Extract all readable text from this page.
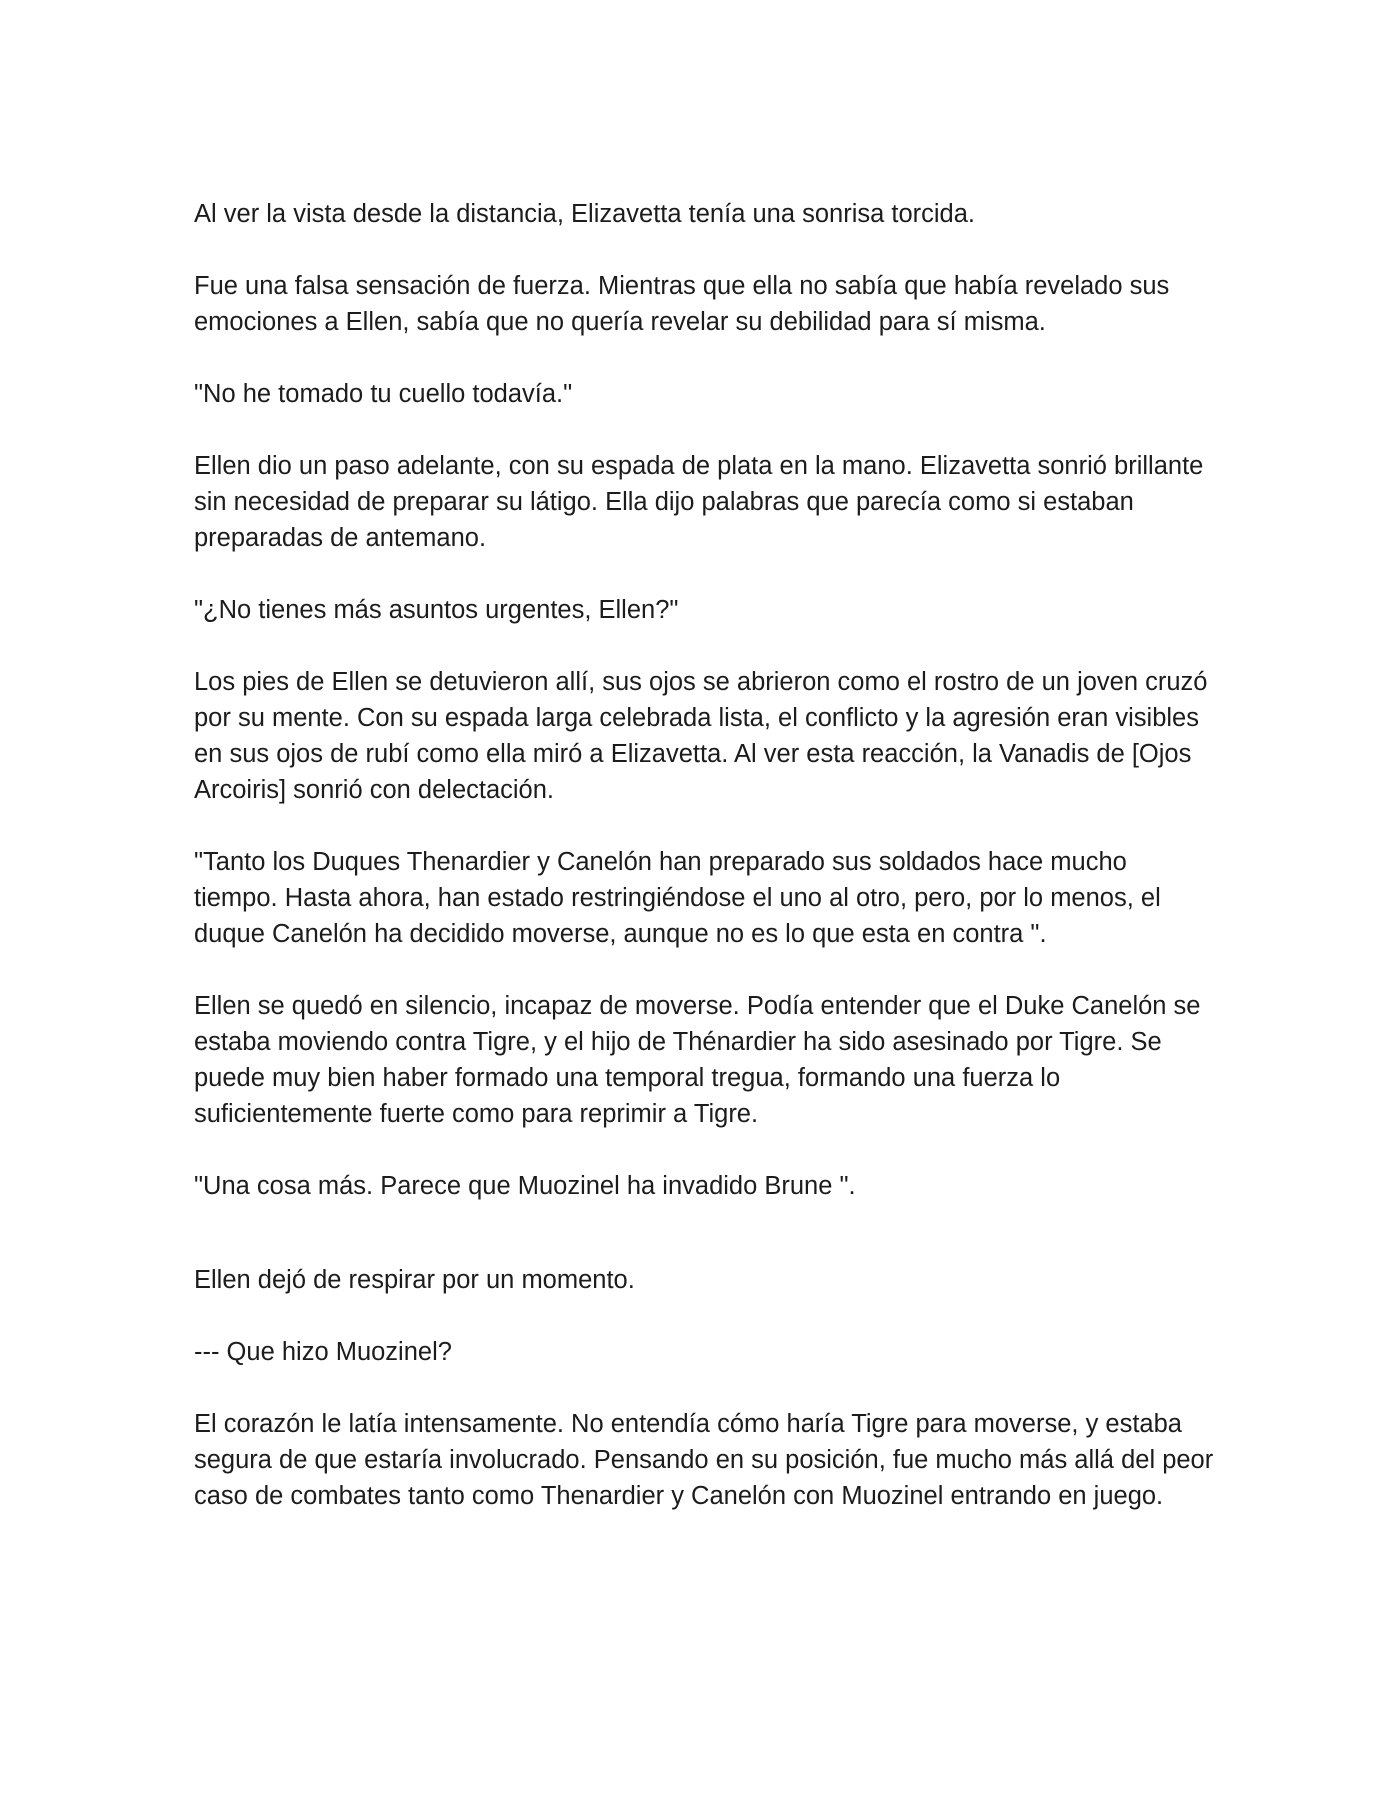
Al ver la vista desde la distancia, Elizavetta tenía una sonrisa torcida.

Fue una falsa sensación de fuerza. Mientras que ella no sabía que había revelado sus emociones a Ellen, sabía que no quería revelar su debilidad para sí misma.

"No he tomado tu cuello todavía."

Ellen dio un paso adelante, con su espada de plata en la mano. Elizavetta sonrió brillante sin necesidad de preparar su látigo. Ella dijo palabras que parecía como si estaban preparadas de antemano.

"¿No tienes más asuntos urgentes, Ellen?"

Los pies de Ellen se detuvieron allí, sus ojos se abrieron como el rostro de un joven cruzó por su mente. Con su espada larga celebrada lista, el conflicto y la agresión eran visibles en sus ojos de rubí como ella miró a Elizavetta. Al ver esta reacción, la Vanadis de [Ojos Arcoiris] sonrió con delectación.

"Tanto los Duques Thenardier y Canelón han preparado sus soldados hace mucho tiempo. Hasta ahora, han estado restringiéndose el uno al otro, pero, por lo menos, el duque Canelón ha decidido moverse, aunque no es lo que esta en contra ".

Ellen se quedó en silencio, incapaz de moverse. Podía entender que el Duke Canelón se estaba moviendo contra Tigre, y el hijo de Thénardier ha sido asesinado por Tigre. Se puede muy bien haber formado una temporal tregua, formando una fuerza lo suficientemente fuerte como para reprimir a Tigre.

"Una cosa más. Parece que Muozinel ha invadido Brune ".

Ellen dejó de respirar por un momento.

--- Que hizo Muozinel?

El corazón le latía intensamente. No entendía cómo haría Tigre para moverse, y estaba segura de que estaría involucrado. Pensando en su posición, fue mucho más allá del peor caso de combates tanto como Thenardier y Canelón con Muozinel entrando en juego.
